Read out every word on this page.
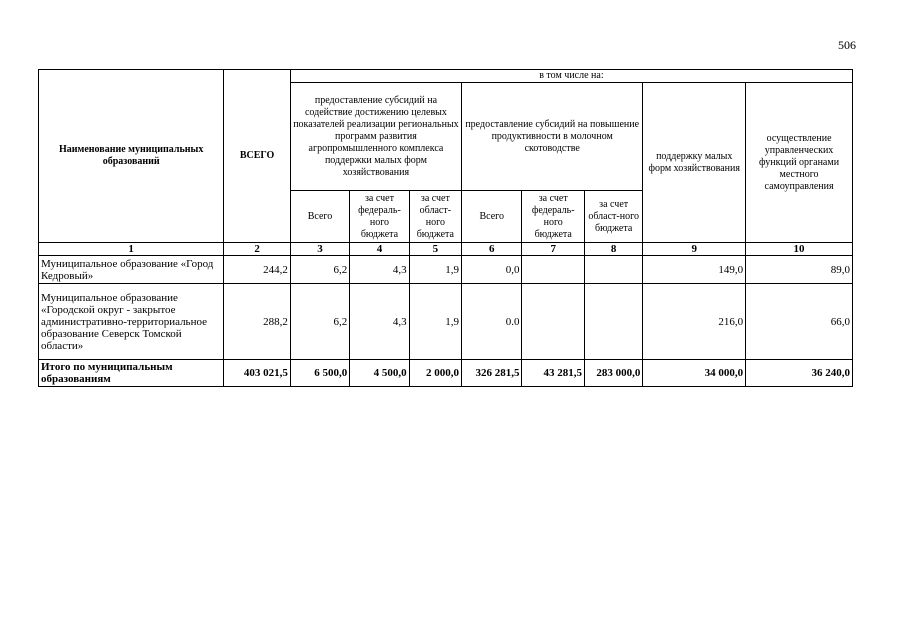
506
Наименование муниципальных образований	ВСЕГО	в том числе на:							
		предоставление субсидий на содействие достижению целевых показателей реализации региональных программ развития агропромышленного комплекса поддержки малых форм хозяйствования			предоставление субсидий на повышение продуктивности в молочном скотоводстве			поддержку малых форм хозяйствования	осуществление управленческих функций органами местного самоуправления
		Всего	за счет федераль-ного бюджета	за счет област-ного бюджета	Всего	за счет федераль-ного бюджета	за счет област-ного бюджета		
1	2	3	4	5	6	7	8	9	10
Муниципальное образование «Город Кедровый»	244,2	6,2	4,3	1,9	0,0			149,0	89,0
Муниципальное образование «Городской округ - закрытое административно-территориальное образование Северск Томской области»	288,2	6,2	4,3	1,9	0.0			216,0	66,0
Итого по муниципальным образованиям	403 021,5	6 500,0	4 500,0	2 000,0	326 281,5	43 281,5	283 000,0	34 000,0	36 240,0
